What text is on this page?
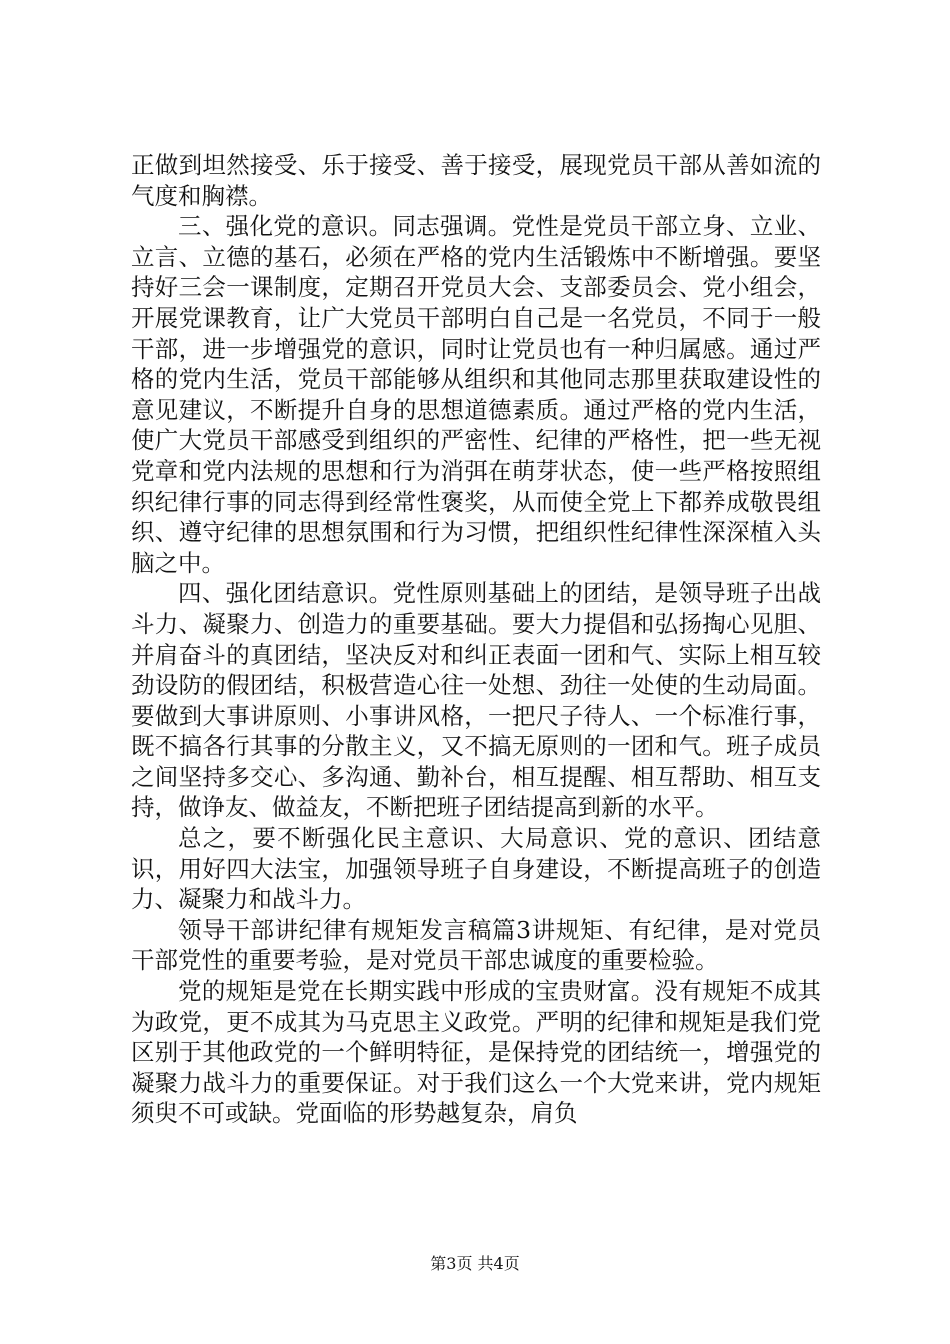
正做到坦然接受、乐于接受、善于接受，展现党员干部从善如流的气度和胸襟。

三、强化党的意识。同志强调。党性是党员干部立身、立业、立言、立德的基石，必须在严格的党内生活锻炼中不断增强。要坚持好三会一课制度，定期召开党员大会、支部委员会、党小组会，开展党课教育，让广大党员干部明白自己是一名党员，不同于一般干部，进一步增强党的意识，同时让党员也有一种归属感。通过严格的党内生活，党员干部能够从组织和其他同志那里获取建设性的意见建议，不断提升自身的思想道德素质。通过严格的党内生活，使广大党员干部感受到组织的严密性、纪律的严格性，把一些无视党章和党内法规的思想和行为消弭在萌芽状态，使一些严格按照组织纪律行事的同志得到经常性褒奖，从而使全党上下都养成敬畏组织、遵守纪律的思想氛围和行为习惯，把组织性纪律性深深植入头脑之中。

四、强化团结意识。党性原则基础上的团结，是领导班子出战斗力、凝聚力、创造力的重要基础。要大力提倡和弘扬掏心见胆、并肩奋斗的真团结，坚决反对和纠正表面一团和气、实际上相互较劲设防的假团结，积极营造心往一处想、劲往一处使的生动局面。要做到大事讲原则、小事讲风格，一把尺子待人、一个标准行事，既不搞各行其事的分散主义，又不搞无原则的一团和气。班子成员之间坚持多交心、多沟通、勤补台，相互提醒、相互帮助、相互支持，做诤友、做益友，不断把班子团结提高到新的水平。

总之，要不断强化民主意识、大局意识、党的意识、团结意识，用好四大法宝，加强领导班子自身建设，不断提高班子的创造力、凝聚力和战斗力。

领导干部讲纪律有规矩发言稿篇3讲规矩、有纪律，是对党员干部党性的重要考验，是对党员干部忠诚度的重要检验。

党的规矩是党在长期实践中形成的宝贵财富。没有规矩不成其为政党，更不成其为马克思主义政党。严明的纪律和规矩是我们党区别于其他政党的一个鲜明特征，是保持党的团结统一，增强党的凝聚力战斗力的重要保证。对于我们这么一个大党来讲，党内规矩须臾不可或缺。党面临的形势越复杂，肩负

第3页 共4页
